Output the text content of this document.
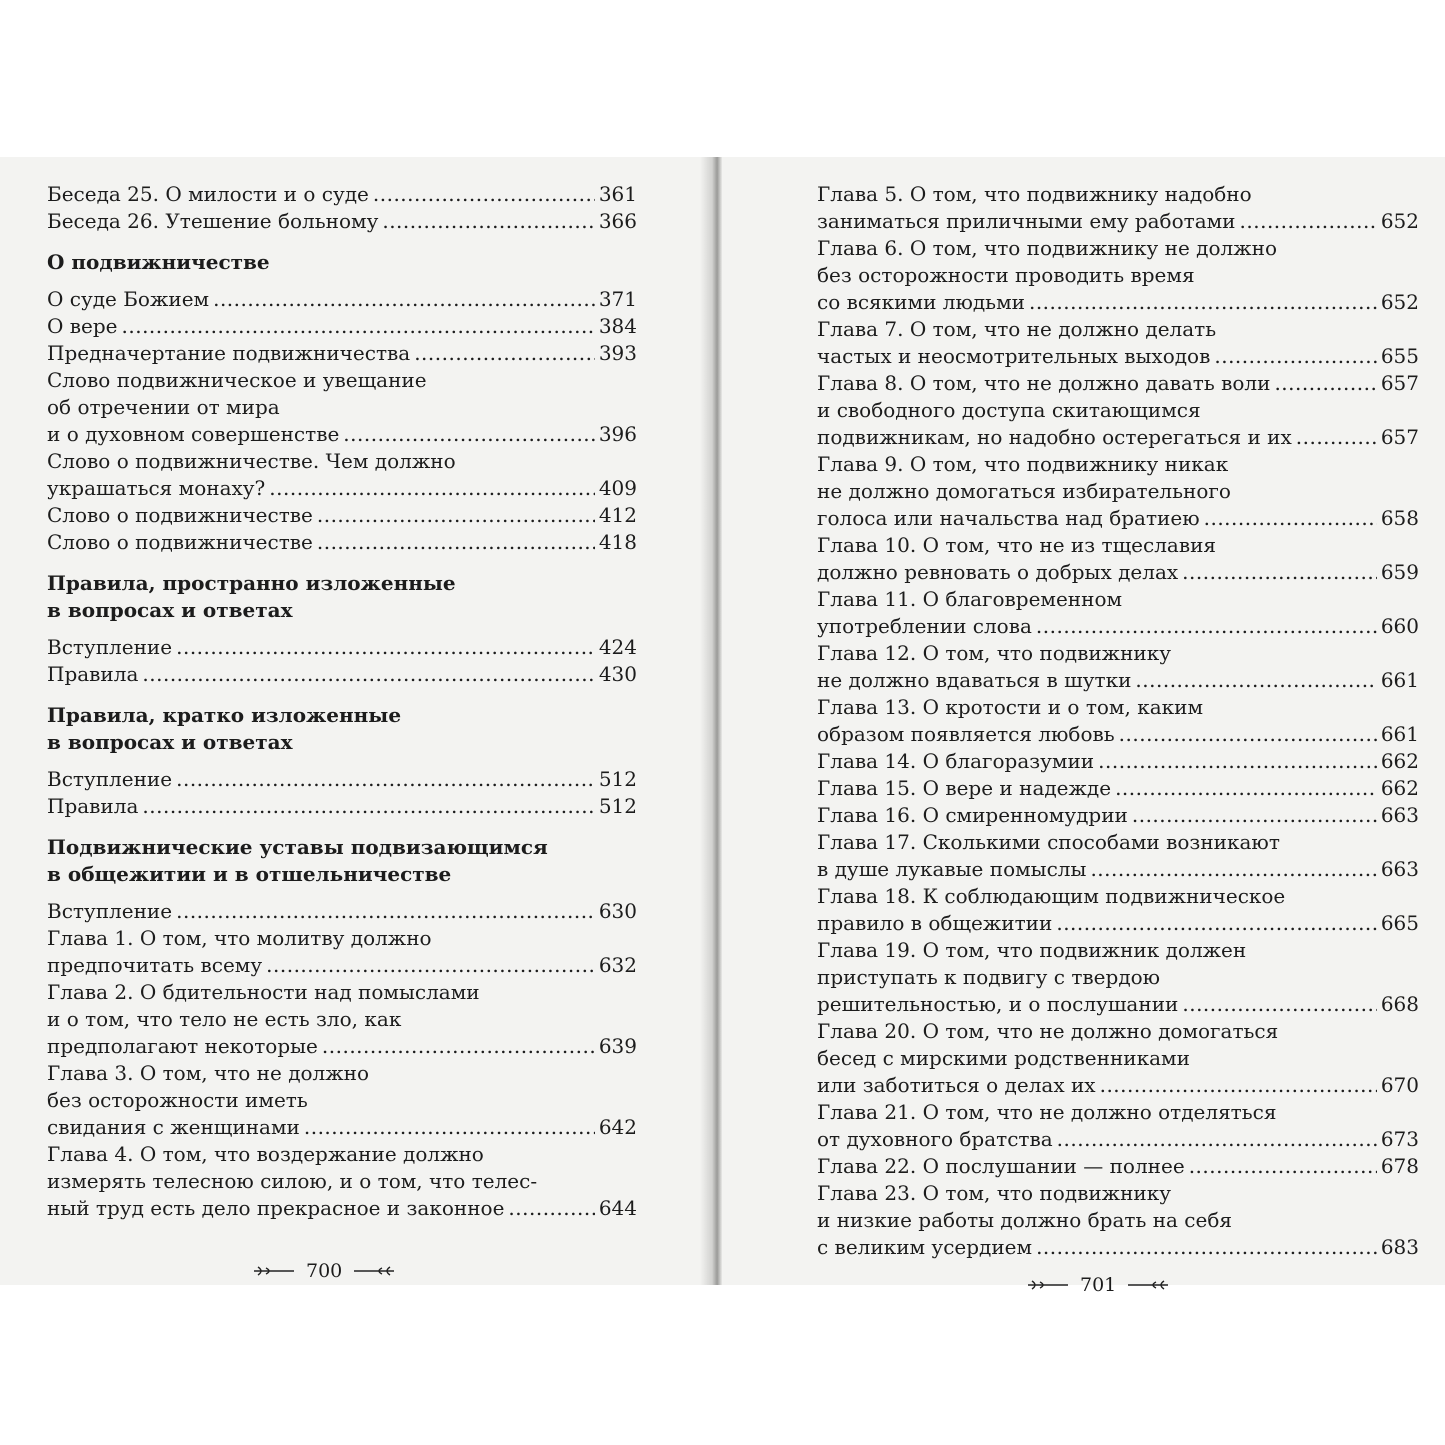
Беседа 25. О милости и о суде .....	361
Беседа 26. Утешение больному .....	366
О подвижничестве
О суде Божием .....	371
О вере .....	384
Предначертание подвижничества .....	393
Слово подвижническое и увещание
об отречении от мира
и о духовном совершенстве .....	396
Слово о подвижничестве. Чем должно
украшаться монаху? .....	409
Слово о подвижничестве .....	412
Слово о подвижничестве .....	418
Правила, пространно изложенные
в вопросах и ответах
Вступление .....	424
Правила .....	430
Правила, кратко изложенные
в вопросах и ответах
Вступление .....	512
Правила .....	512
Подвижнические уставы подвизающимся
в общежитии и в отшельничестве
Вступление .....	630
Глава 1. О том, что молитву должно
предпочитать всему .....	632
Глава 2. О бдительности над помыслами
и о том, что тело не есть зло, как
предполагают некоторые .....	639
Глава 3. О том, что не должно
без осторожности иметь
свидания с женщинами .....	642
Глава 4. О том, что воздержание должно
измерять телесною силою, и о том, что телес-
ный труд есть дело прекрасное и законное .....	644
Глава 5. О том, что подвижнику надобно
заниматься приличными ему работами .....	652
Глава 6. О том, что подвижнику не должно
без осторожности проводить время
со всякими людьми .....	652
Глава 7. О том, что не должно делать
частых и неосмотрительных выходов .....	655
Глава 8. О том, что не должно давать воли .....	657
и свободного доступа скитающимся
подвижникам, но надобно остерегаться и их .....	657
Глава 9. О том, что подвижнику никак
не должно домогаться избирательного
голоса или начальства над братиею .....	658
Глава 10. О том, что не из тщеславия
должно ревновать о добрых делах .....	659
Глава 11. О благовременном
употреблении слова .....	660
Глава 12. О том, что подвижнику
не должно вдаваться в шутки .....	661
Глава 13. О кротости и о том, каким
образом появляется любовь .....	661
Глава 14. О благоразумии .....	662
Глава 15. О вере и надежде .....	662
Глава 16. О смиренномудрии .....	663
Глава 17. Сколькими способами возникают
в душе лукавые помыслы .....	663
Глава 18. К соблюдающим подвижническое
правило в общежитии .....	665
Глава 19. О том, что подвижник должен
приступать к подвигу с твердою
решительностью, и о послушании .....	668
Глава 20. О том, что не должно домогаться
бесед с мирскими родственниками
или заботиться о делах их .....	670
Глава 21. О том, что не должно отделяться
от духовного братства .....	673
Глава 22. О послушании — полнее .....	678
Глава 23. О том, что подвижнику
и низкие работы должно брать на себя
с великим усердием .....	683
700
701
